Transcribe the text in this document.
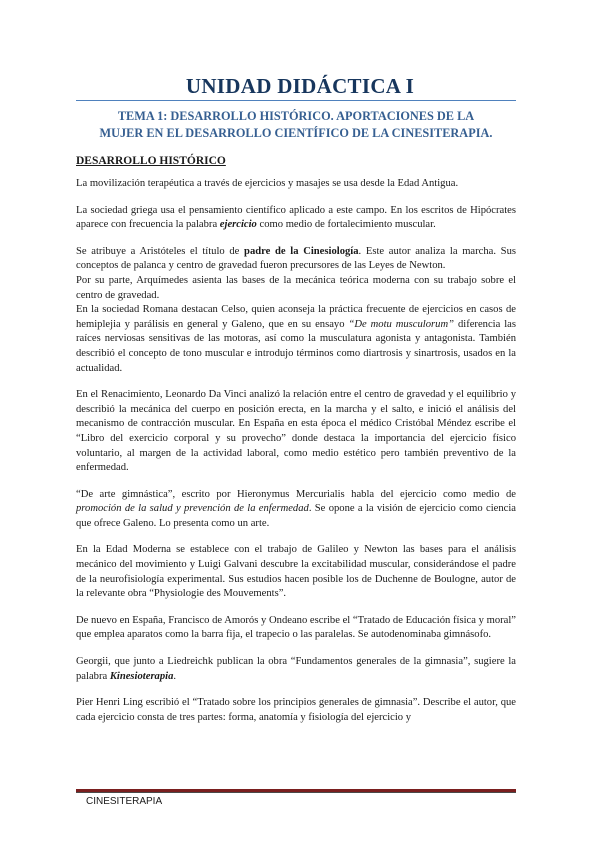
UNIDAD DIDÁCTICA I
TEMA 1: DESARROLLO HISTÓRICO. APORTACIONES DE LA
MUJER EN EL DESARROLLO CIENTÍFICO DE LA CINESITERAPIA.
DESARROLLO HISTÓRICO

La movilización terapéutica a través de ejercicios y masajes se usa desde la Edad Antigua.

La sociedad griega usa el pensamiento científico aplicado a este campo. En los escritos de Hipócrates aparece con frecuencia la palabra ejercicio como medio de fortalecimiento muscular.

Se atribuye a Aristóteles el título de padre de la Cinesiología. Este autor analiza la marcha. Sus conceptos de palanca y centro de gravedad fueron precursores de las Leyes de Newton.

Por su parte, Arquímedes asienta las bases de la mecánica teórica moderna con su trabajo sobre el centro de gravedad.

En la sociedad Romana destacan Celso, quien aconseja la práctica frecuente de ejercicios en casos de hemiplejia y parálisis en general y Galeno, que en su ensayo “De motu musculorum” diferencia las raíces nerviosas sensitivas de las motoras, así como la musculatura agonista y antagonista. También describió el concepto de tono muscular e introdujo términos como diartrosis y sinartrosis, usados en la actualidad.

En el Renacimiento, Leonardo Da Vinci analizó la relación entre el centro de gravedad y el equilibrio y describió la mecánica del cuerpo en posición erecta, en la marcha y el salto, e inició el análisis del mecanismo de contracción muscular. En España en esta época el médico Cristóbal Méndez escribe el “Libro del exercicio corporal y su provecho” donde destaca la importancia del ejercicio físico voluntario, al margen de la actividad laboral, como medio estético pero también preventivo de la enfermedad.

“De arte gimnástica”, escrito por Hieronymus Mercurialis habla del ejercicio como medio de promoción de la salud y prevención de la enfermedad. Se opone a la visión de ejercicio como ciencia que ofrece Galeno. Lo presenta como un arte.

En la Edad Moderna se establece con el trabajo de Galileo y Newton las bases para el análisis mecánico del movimiento y Luigi Galvani descubre la excitabilidad muscular, considerándose el padre de la neurofisiología experimental. Sus estudios hacen posible los de Duchenne de Boulogne, autor de la relevante obra “Physiologie des Mouvements”.

De nuevo en España, Francisco de Amorós y Ondeano escribe el “Tratado de Educación física y moral” que emplea aparatos como la barra fija, el trapecio o las paralelas. Se autodenominaba gimnásofo.

Georgii, que junto a Liedreichk publican la obra “Fundamentos generales de la gimnasia”, sugiere la palabra Kinesioterapia.

Pier Henri Ling escribió el “Tratado sobre los principios generales de gimnasia”. Describe el autor, que cada ejercicio consta de tres partes: forma, anatomía y fisiología del ejercicio y

CINESITERAPIA
